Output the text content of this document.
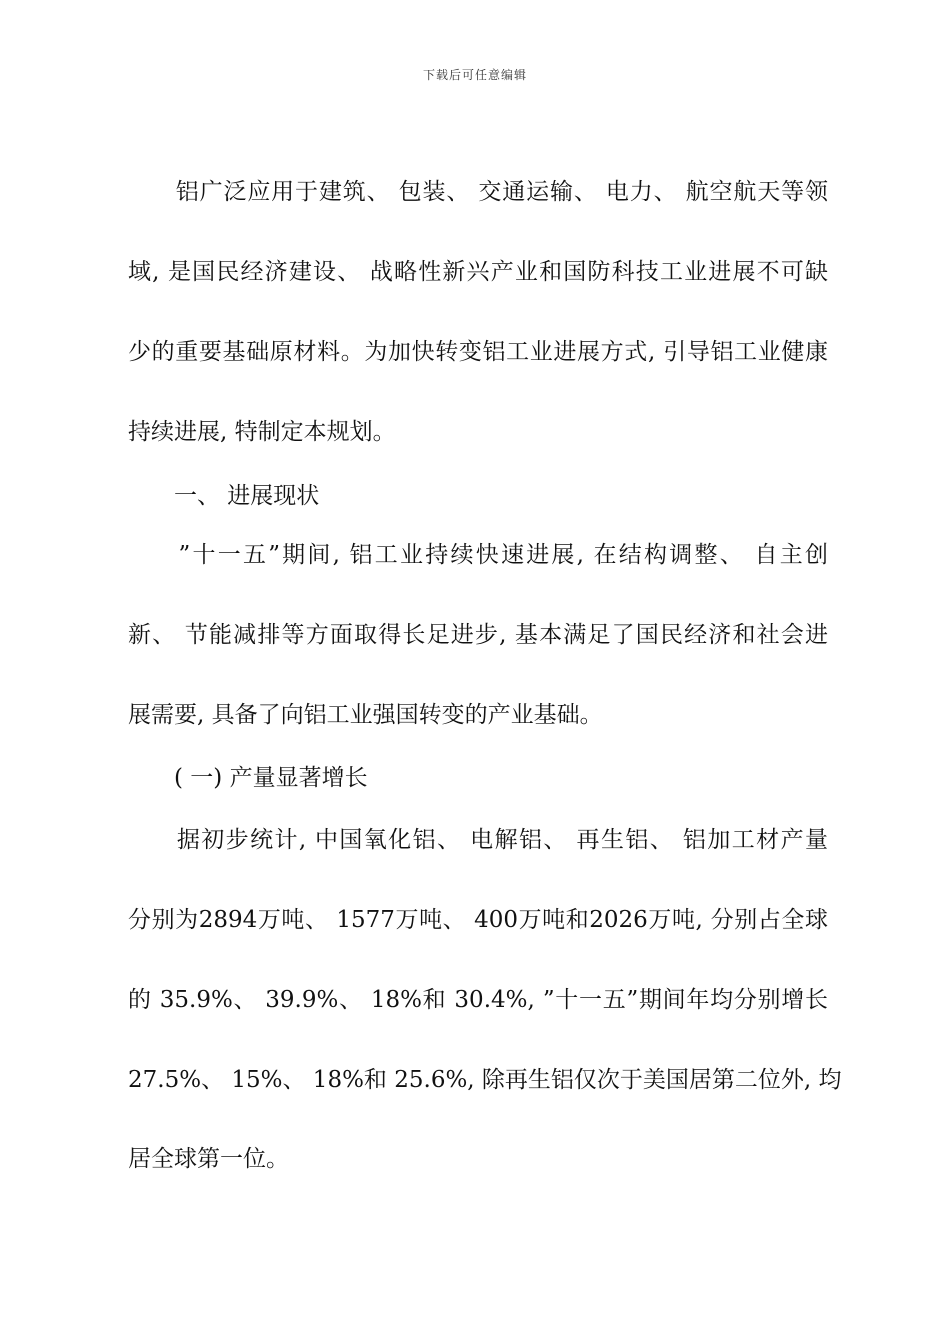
下载后可任意编辑
　　铝广泛应用于建筑、 包装、 交通运输、 电力、 航空航天等领
域, 是国民经济建设、 战略性新兴产业和国防科技工业进展不可缺
少的重要基础原材料。为加快转变铝工业进展方式, 引导铝工业健康
持续进展, 特制定本规划。
　　一、 进展现状
　　”十一五”期间, 铝工业持续快速进展, 在结构调整、 自主创
新、 节能减排等方面取得长足进步, 基本满足了国民经济和社会进
展需要, 具备了向铝工业强国转变的产业基础。
　　( 一) 产量显著增长
　　据初步统计, 中国氧化铝、 电解铝、 再生铝、 铝加工材产量
分别为2894万吨、 1577万吨、 400万吨和2026万吨, 分别占全球
的 35.9%、 39.9%、 18%和 30.4%, ”十一五”期间年均分别增长
27.5%、 15%、 18%和 25.6%, 除再生铝仅次于美国居第二位外, 均
居全球第一位。
